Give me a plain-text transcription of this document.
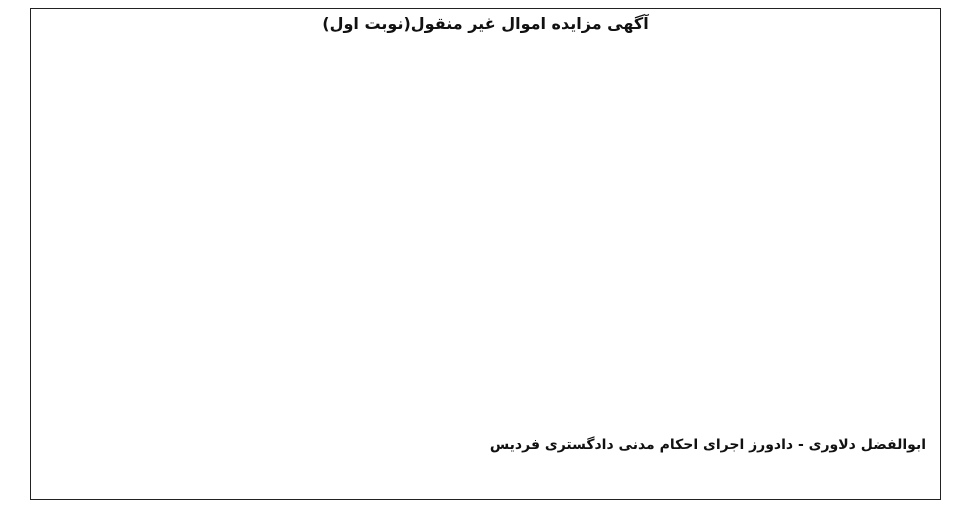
آگهی مزایده اموال غیر منقول(نوبت اول)

ابوالفضل دلاوری - دادورز اجرای احکام مدنی دادگستری فردیس
